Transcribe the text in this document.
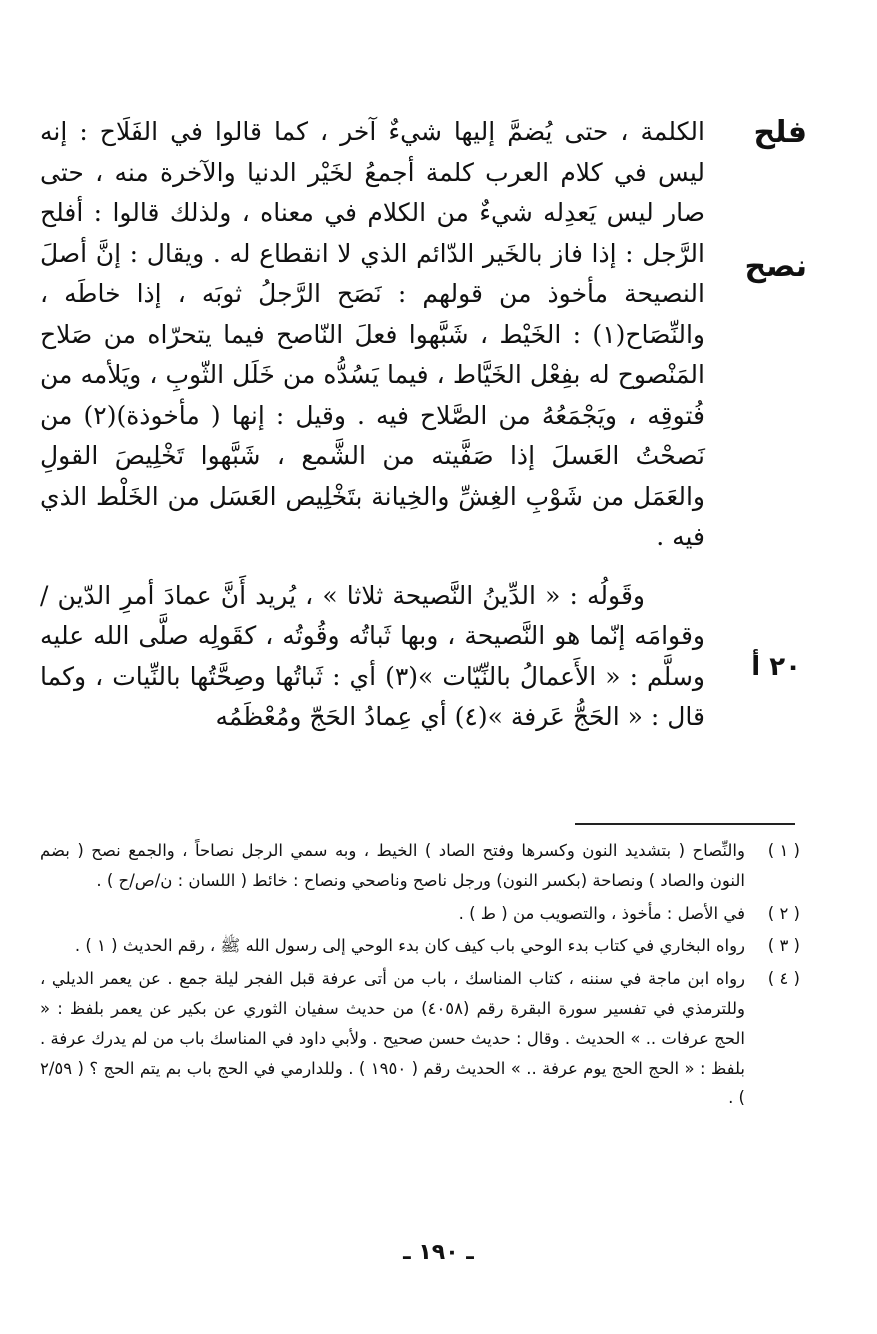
فلح
نصح
٢٠ أ

الكلمة ، حتى يُضمَّ إليها شيءٌ آخر ، كما قالوا في الفَلَاح : إنه ليس في كلام العرب كلمة أجمعُ لخَيْر الدنيا والآخرة منه ، حتى صار ليس يَعدِله شيءٌ من الكلام في معناه ، ولذلك قالوا : أفلح الرَّجل : إذا فاز بالخَير الدّائم الذي لا انقطاع له . ويقال : إنَّ أصلَ النصيحة مأخوذ من قولهم : نَصَح الرَّجلُ ثوبَه ، إذا خاطَه ، والنِّصَاح(١) : الخَيْط ، شَبَّهوا فعلَ النّاصح فيما يتحرّاه من صَلاح المَنْصوح له بفِعْل الخَيَّاط ، فيما يَسُدُّه من خَلَل الثّوبِ ، ويَلأمه من فُتوقِه ، ويَجْمَعُهُ من الصَّلاح فيه . وقيل : إنها ( مأخوذة)(٢) من نَصحْتُ العَسلَ إذا صَفَّيته من الشَّمع ، شَبَّهوا تَخْلِيصَ القولِ والعَمَل من شَوْبِ الغِشِّ والخِيانة بتَخْلِيص العَسَل من الخَلْط الذي فيه .

وقَولُه : « الدِّينُ النَّصيحة ثلاثا » ، يُريد أَنَّ عمادَ أمرِ الدّين / وقوامَه إنّما هو النَّصيحة ، وبها ثَباتُه وقُوتُه ، كقَولِه صلَّى الله عليه وسلَّم : « الأَعمالُ بالنِّيّات »(٣) أي : ثَباتُها وصِحَّتُها بالنِّيات ، وكما قال : « الحَجُّ عَرفة »(٤) أي عِمادُ الحَجّ ومُعْظَمُه

( ١ )
والنِّصاح ( بتشديد النون وكسرها وفتح الصاد ) الخيط ، وبه سمي الرجل نصاحاً ، والجمع نصح ( بضم النون والصاد ) ونصاحة (بكسر النون) ورجل ناصح وناصحي ونصاح : خائط ( اللسان : ن/ص/ح ) .
( ٢ )
في الأصل : مأخوذ ، والتصويب من ( ط ) .
( ٣ )
رواه البخاري في كتاب بدء الوحي باب كيف كان بدء الوحي إلى رسول الله ﷺ ، رقم الحديث ( ١ ) .
( ٤ )
رواه ابن ماجة في سننه ، كتاب المناسك ، باب من أتى عرفة قبل الفجر ليلة جمع . عن يعمر الديلي ، وللترمذي في تفسير سورة البقرة رقم (٤٠٥٨) من حديث سفيان الثوري عن بكير عن يعمر بلفظ : « الحج عرفات .. » الحديث . وقال : حديث حسن صحيح . ولأبي داود في المناسك باب من لم يدرك عرفة . بلفظ : « الحج الحج يوم عرفة .. » الحديث رقم ( ١٩٥٠ ) . وللدارمي في الحج باب بم يتم الحج ؟ ( ٢/٥٩ ) .
ـ ١٩٠ ـ
